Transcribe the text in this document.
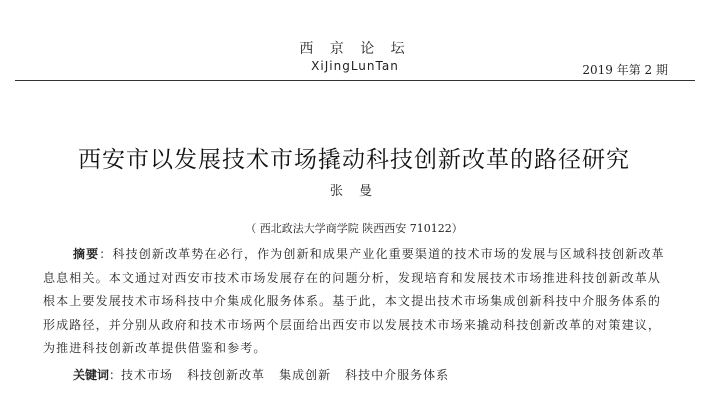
西 京 论 坛
XiJingLunTan	2019 年第 2 期
西安市以发展技术市场撬动科技创新改革的路径研究
张 曼
（ 西北政法大学商学院 陕西西安 710122）
摘要：科技创新改革势在必行，作为创新和成果产业化重要渠道的技术市场的发展与区域科技创新改革息息相关。本文通过对西安市技术市场发展存在的问题分析，发现培育和发展技术市场推进科技创新改革从根本上要发展技术市场科技中介集成化服务体系。基于此，本文提出技术市场集成创新科技中介服务体系的形成路径，并分别从政府和技术市场两个层面给出西安市以发展技术市场来撬动科技创新改革的对策建议，为推进科技创新改革提供借鉴和参考。
关键词：技术市场 科技创新改革 集成创新 科技中介服务体系
